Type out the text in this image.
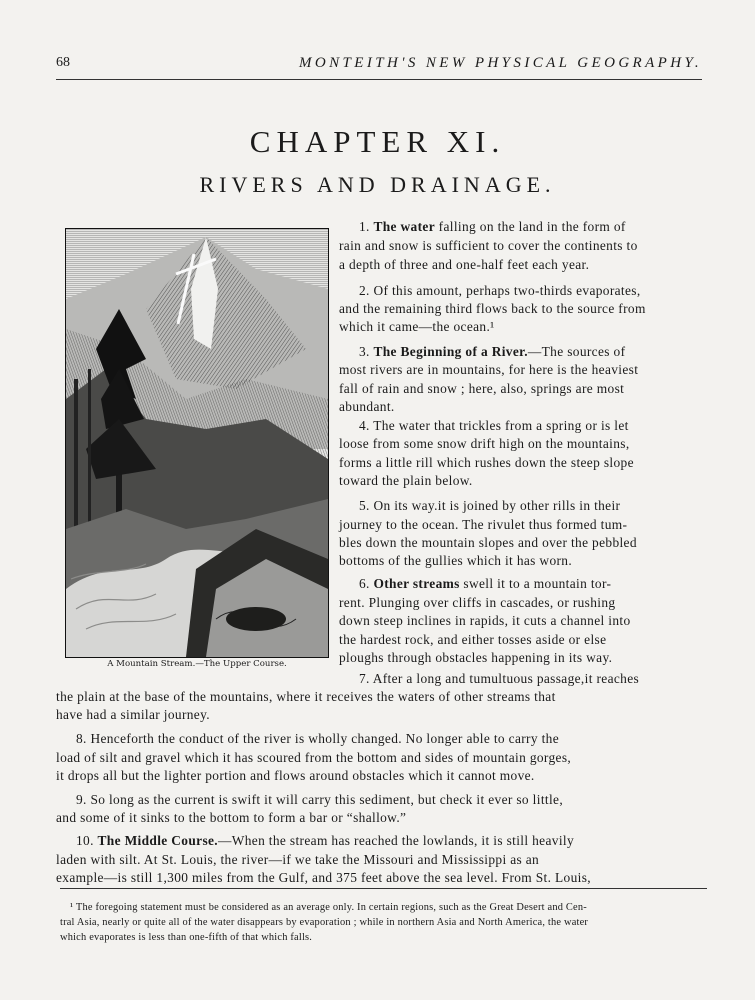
68	MONTEITH'S NEW PHYSICAL GEOGRAPHY.
CHAPTER XI.
RIVERS AND DRAINAGE.
A Mountain Stream.—The Upper Course.

1. The water falling on the land in the form of

rain and snow is sufficient to cover the continents to

a depth of three and one-half feet each year.

2. Of this amount, perhaps two-thirds evaporates,

and the remaining third flows back to the source from

which it came—the ocean.¹

3. The Beginning of a River.—The sources of

most rivers are in mountains, for here is the heaviest

fall of rain and snow ; here, also, springs are most

abundant.

4. The water that trickles from a spring or is let

loose from some snow drift high on the mountains,

forms a little rill which rushes down the steep slope

toward the plain below.

5. On its way.it is joined by other rills in their

journey to the ocean. The rivulet thus formed tum-

bles down the mountain slopes and over the pebbled

bottoms of the gullies which it has worn.

6. Other streams swell it to a mountain tor-

rent. Plunging over cliffs in cascades, or rushing

down steep inclines in rapids, it cuts a channel into

the hardest rock, and either tosses aside or else

ploughs through obstacles happening in its way.

7. After a long and tumultuous passage,it reaches

the plain at the base of the mountains, where it receives the waters of other streams that

have had a similar journey.

8. Henceforth the conduct of the river is wholly changed. No longer able to carry the

load of silt and gravel which it has scoured from the bottom and sides of mountain gorges,

it drops all but the lighter portion and flows around obstacles which it cannot move.

9. So long as the current is swift it will carry this sediment, but check it ever so little,

and some of it sinks to the bottom to form a bar or “shallow.”

10. The Middle Course.—When the stream has reached the lowlands, it is still heavily

laden with silt. At St. Louis, the river—if we take the Missouri and Mississippi as an

example—is still 1,300 miles from the Gulf, and 375 feet above the sea level. From St. Louis,

¹ The foregoing statement must be considered as an average only. In certain regions, such as the Great Desert and Cen-

tral Asia, nearly or quite all of the water disappears by evaporation ; while in northern Asia and North America, the water

which evaporates is less than one-fifth of that which falls.
